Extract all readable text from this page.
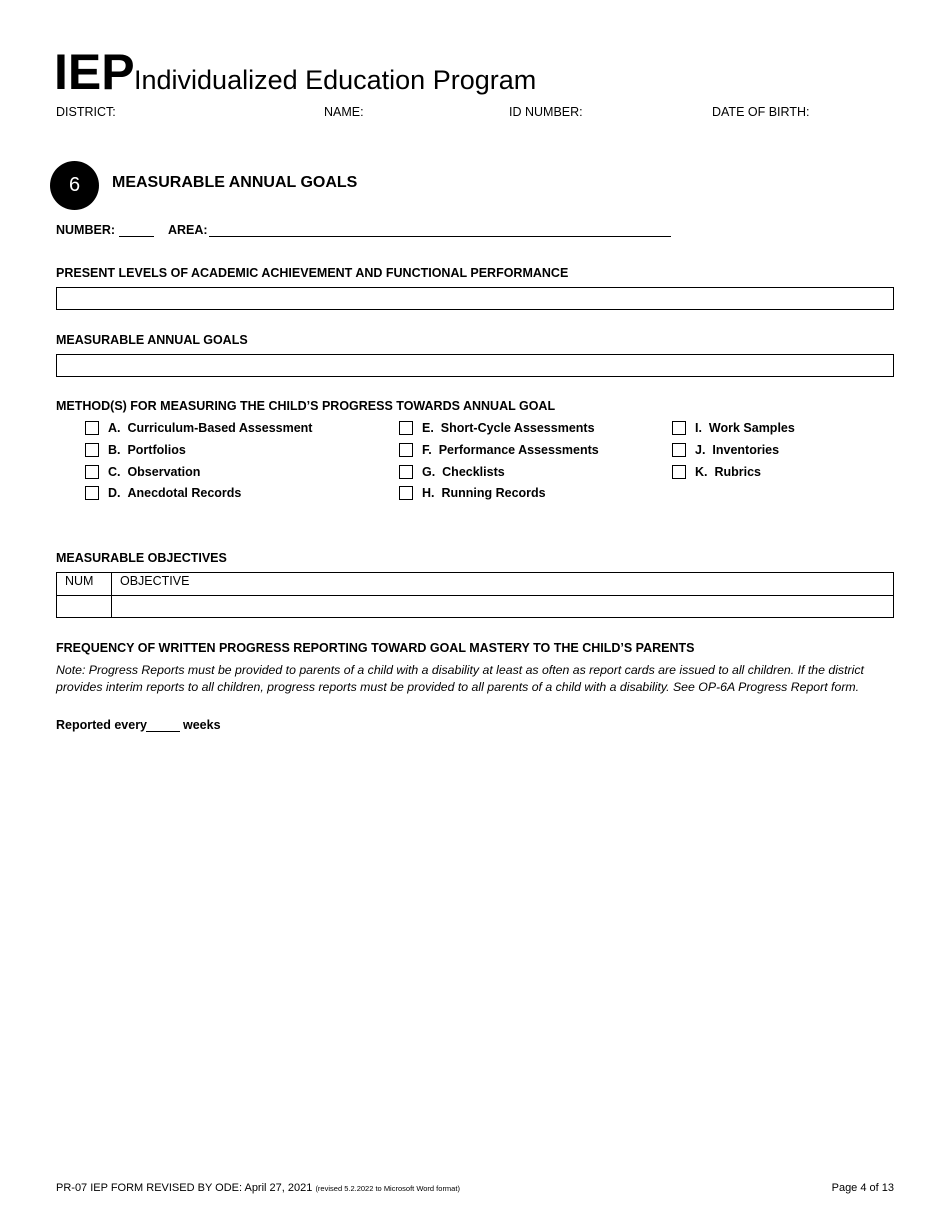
IEP Individualized Education Program
DISTRICT:	NAME:	ID NUMBER:	DATE OF BIRTH:
6	MEASURABLE ANNUAL GOALS
NUMBER:	AREA:
PRESENT LEVELS OF ACADEMIC ACHIEVEMENT AND FUNCTIONAL PERFORMANCE
MEASURABLE ANNUAL GOALS
METHOD(S) FOR MEASURING THE CHILD’S PROGRESS TOWARDS ANNUAL GOAL
A.
Curriculum-Based Assessment
B.
Portfolios
C.
Observation
D.
Anecdotal Records
E.
Short-Cycle Assessments
F.
Performance Assessments
G.
Checklists
H.
Running Records
I.
Work Samples
J.
Inventories
K.
Rubrics
MEASURABLE OBJECTIVES
NUM	OBJECTIVE

FREQUENCY OF WRITTEN PROGRESS REPORTING TOWARD GOAL MASTERY TO THE CHILD’S PARENTS
Note: Progress Reports must be provided to parents of a child with a disability at least as often as report cards are issued to all children. If the district provides interim reports to all children, progress reports must be provided to all parents of a child with a disability. See OP-6A Progress Report form.
Reported every	weeks
PR-07 IEP FORM REVISED BY ODE: April 27, 2021 (revised 5.2.2022 to Microsoft Word format)	Page 4 of 13
